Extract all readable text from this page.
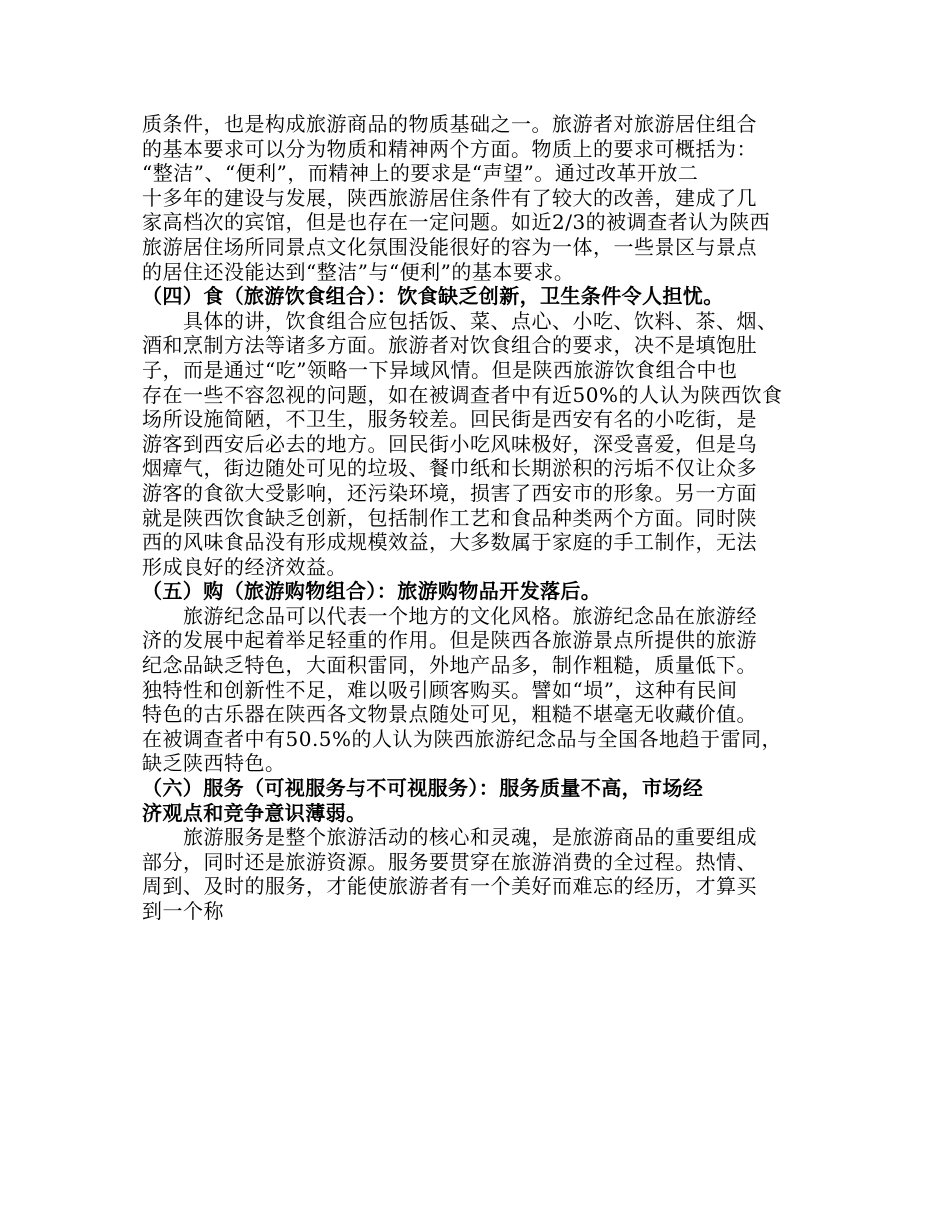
质条件，也是构成旅游商品的物质基础之一。旅游者对旅游居住组合
的基本要求可以分为物质和精神两个方面。物质上的要求可概括为：
“整洁”、“便利”，而精神上的要求是“声望”。通过改革开放二
十多年的建设与发展，陕西旅游居住条件有了较大的改善，建成了几
家高档次的宾馆，但是也存在一定问题。如近2/3的被调查者认为陕西
旅游居住场所同景点文化氛围没能很好的容为一体，一些景区与景点
的居住还没能达到“整洁”与“便利”的基本要求。
（四）食（旅游饮食组合）：饮食缺乏创新，卫生条件令人担忧。
具体的讲，饮食组合应包括饭、菜、点心、小吃、饮料、茶、烟、
酒和烹制方法等诸多方面。旅游者对饮食组合的要求，决不是填饱肚
子，而是通过“吃”领略一下异域风情。但是陕西旅游饮食组合中也
存在一些不容忽视的问题，如在被调查者中有近50%的人认为陕西饮食
场所设施简陋，不卫生，服务较差。回民街是西安有名的小吃街，是
游客到西安后必去的地方。回民街小吃风味极好，深受喜爱，但是乌
烟瘴气，街边随处可见的垃圾、餐巾纸和长期淤积的污垢不仅让众多
游客的食欲大受影响，还污染环境，损害了西安市的形象。另一方面
就是陕西饮食缺乏创新，包括制作工艺和食品种类两个方面。同时陕
西的风味食品没有形成规模效益，大多数属于家庭的手工制作，无法
形成良好的经济效益。
（五）购（旅游购物组合）：旅游购物品开发落后。
旅游纪念品可以代表一个地方的文化风格。旅游纪念品在旅游经
济的发展中起着举足轻重的作用。但是陕西各旅游景点所提供的旅游
纪念品缺乏特色，大面积雷同，外地产品多，制作粗糙，质量低下。
独特性和创新性不足，难以吸引顾客购买。譬如“埙”，这种有民间
特色的古乐器在陕西各文物景点随处可见，粗糙不堪毫无收藏价值。
在被调查者中有50.5%的人认为陕西旅游纪念品与全国各地趋于雷同，
缺乏陕西特色。
（六）服务（可视服务与不可视服务）：服务质量不高，市场经
济观点和竞争意识薄弱。
旅游服务是整个旅游活动的核心和灵魂，是旅游商品的重要组成
部分，同时还是旅游资源。服务要贯穿在旅游消费的全过程。热情、
周到、及时的服务，才能使旅游者有一个美好而难忘的经历，才算买
到一个称
